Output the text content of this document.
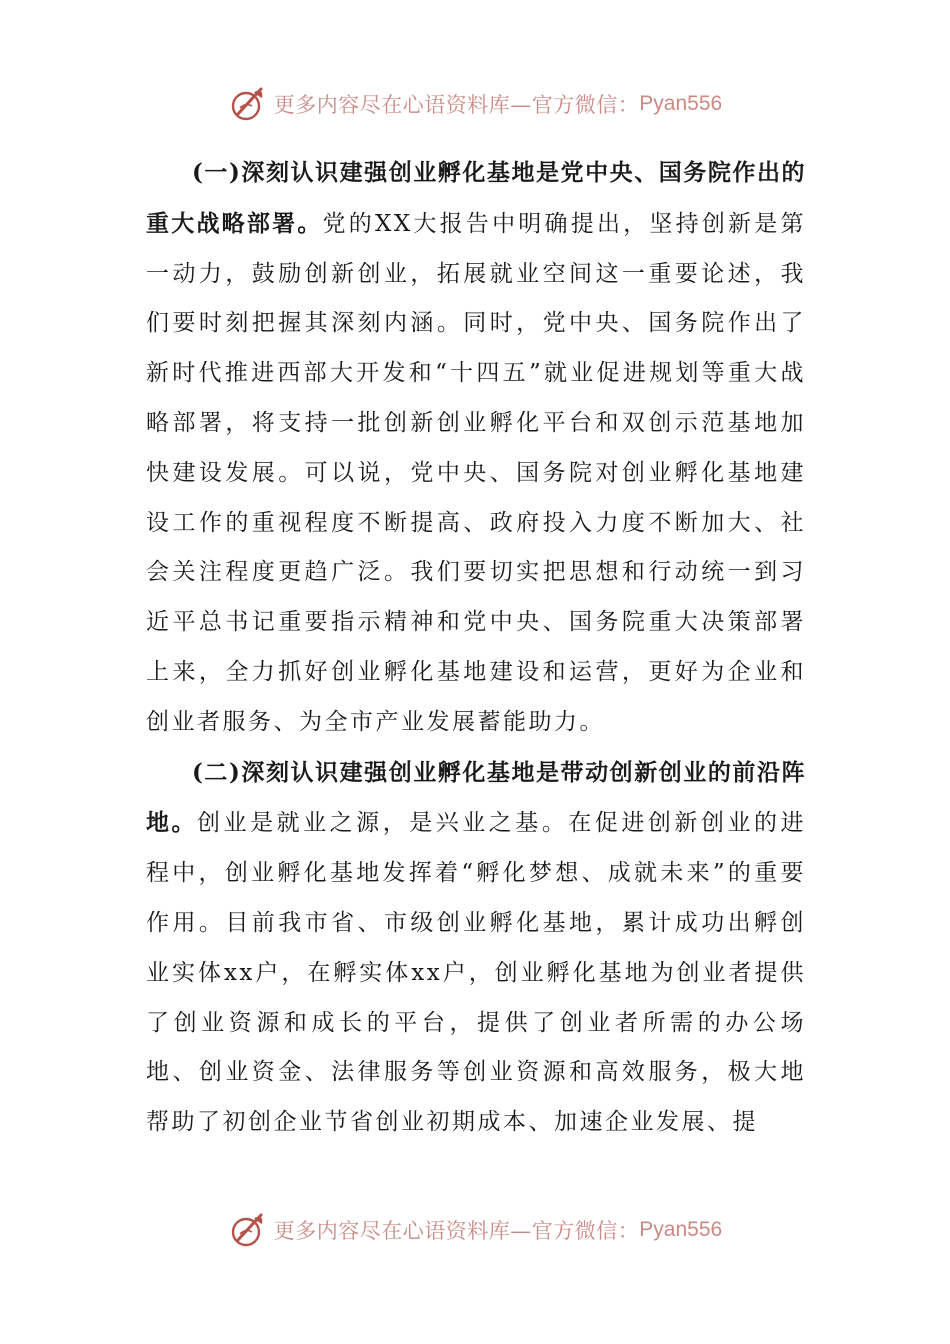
更多内容尽在心语资料库—官方微信： Pyan556

(一)深刻认识建强创业孵化基地是党中央、国务院作出的重大战略部署。党的XX大报告中明确提出，坚持创新是第一动力，鼓励创新创业，拓展就业空间这一重要论述，我们要时刻把握其深刻内涵。同时，党中央、国务院作出了新时代推进西部大开发和“十四五”就业促进规划等重大战略部署，将支持一批创新创业孵化平台和双创示范基地加快建设发展。可以说，党中央、国务院对创业孵化基地建设工作的重视程度不断提高、政府投入力度不断加大、社会关注程度更趋广泛。我们要切实把思想和行动统一到习近平总书记重要指示精神和党中央、国务院重大决策部署上来，全力抓好创业孵化基地建设和运营，更好为企业和创业者服务、为全市产业发展蓄能助力。

(二)深刻认识建强创业孵化基地是带动创新创业的前沿阵地。创业是就业之源，是兴业之基。在促进创新创业的进程中，创业孵化基地发挥着“孵化梦想、成就未来”的重要作用。目前我市省、市级创业孵化基地，累计成功出孵创业实体xx户，在孵实体xx户，创业孵化基地为创业者提供了创业资源和成长的平台，提供了创业者所需的办公场地、创业资金、法律服务等创业资源和高效服务，极大地帮助了初创企业节省创业初期成本、加速企业发展、提

更多内容尽在心语资料库—官方微信： Pyan556
